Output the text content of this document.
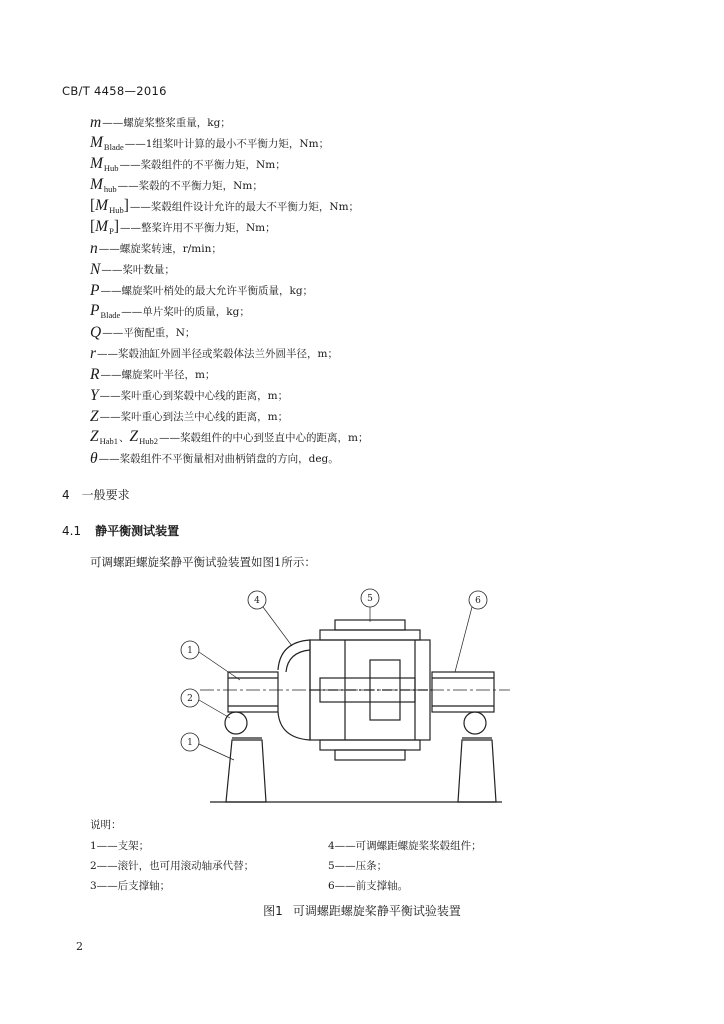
CB/T 4458—2016
m ——螺旋桨整桨重量，kg；
$M_{Blade}$ ——1组桨叶计算的最小不平衡力矩，Nm；
$M_{Hub}$ ——桨毂组件的不平衡力矩，Nm；
$M_{hub}$ ——桨毂的不平衡力矩，Nm；
$[M_{Hub}]$ ——桨毂组件设计允许的最大不平衡力矩，Nm；
$[M_P]$ ——整桨许用不平衡力矩，Nm；
n ——螺旋桨转速，r/min；
N ——桨叶数量；
P ——螺旋桨叶梢处的最大允许平衡质量，kg；
$P_{Blade}$ ——单片桨叶的质量，kg；
Q ——平衡配重，N；
r ——桨毂油缸外圆半径或桨毂体法兰外圆半径，m；
R ——螺旋桨叶半径，m；
Y ——桨叶重心到桨毂中心线的距离，m；
Z ——桨叶重心到法兰中心线的距离，m；
$Z_{Hab1}$ 、 $Z_{Hub2}$ ——桨毂组件的中心到竖直中心的距离，m；
θ ——桨毂组件不平衡量相对曲柄销盘的方向，deg。
4 一般要求
4.1 静平衡测试装置
可调螺距螺旋桨静平衡试验装置如图1所示：
1
2
1
4	5	6
说明：
1——支架；
2——滚针，也可用滚动轴承代替；
3——后支撑轴；
4——可调螺距螺旋桨桨毂组件；
5——压条；
6——前支撑轴。
图1 可调螺距螺旋桨静平衡试验装置
2
